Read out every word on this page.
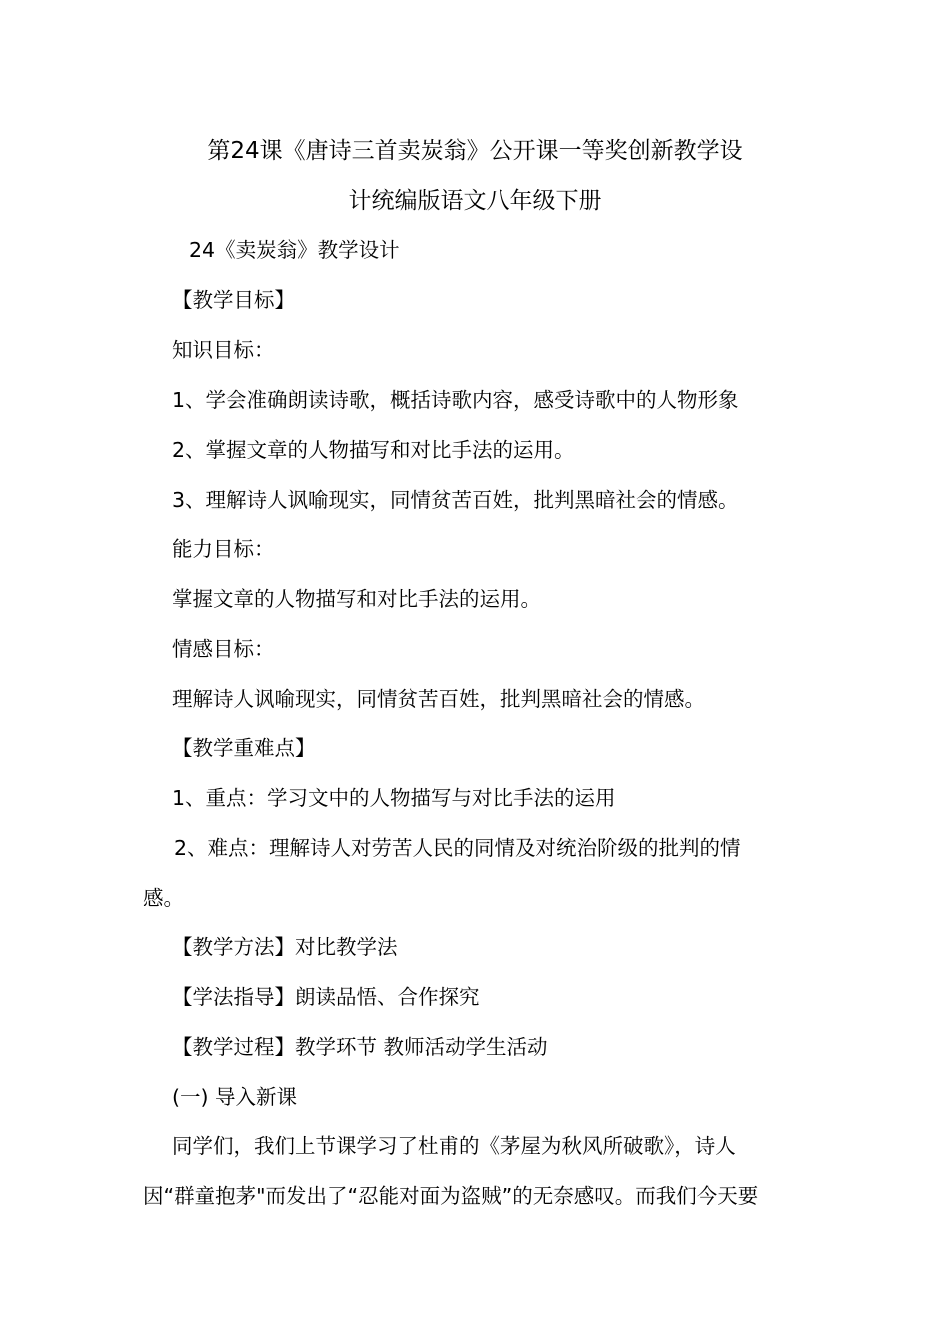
第24课《唐诗三首卖炭翁》公开课一等奖创新教学设
计统编版语文八年级下册
24《卖炭翁》教学设计
【教学目标】
知识目标：
1、学会准确朗读诗歌，概括诗歌内容，感受诗歌中的人物形象
2、掌握文章的人物描写和对比手法的运用。
3、理解诗人讽喻现实，同情贫苦百姓，批判黑暗社会的情感。
能力目标：
掌握文章的人物描写和对比手法的运用。
情感目标：
理解诗人讽喻现实，同情贫苦百姓，批判黑暗社会的情感。
【教学重难点】
1、重点：学习文中的人物描写与对比手法的运用
2、难点：理解诗人对劳苦人民的同情及对统治阶级的批判的情
感。
【教学方法】对比教学法
【学法指导】朗读品悟、合作探究
【教学过程】教学环节 教师活动学生活动
(一) 导入新课
同学们，我们上节课学习了杜甫的《茅屋为秋风所破歌》，诗人
因“群童抱茅"而发出了“忍能对面为盗贼”的无奈感叹。而我们今天要
